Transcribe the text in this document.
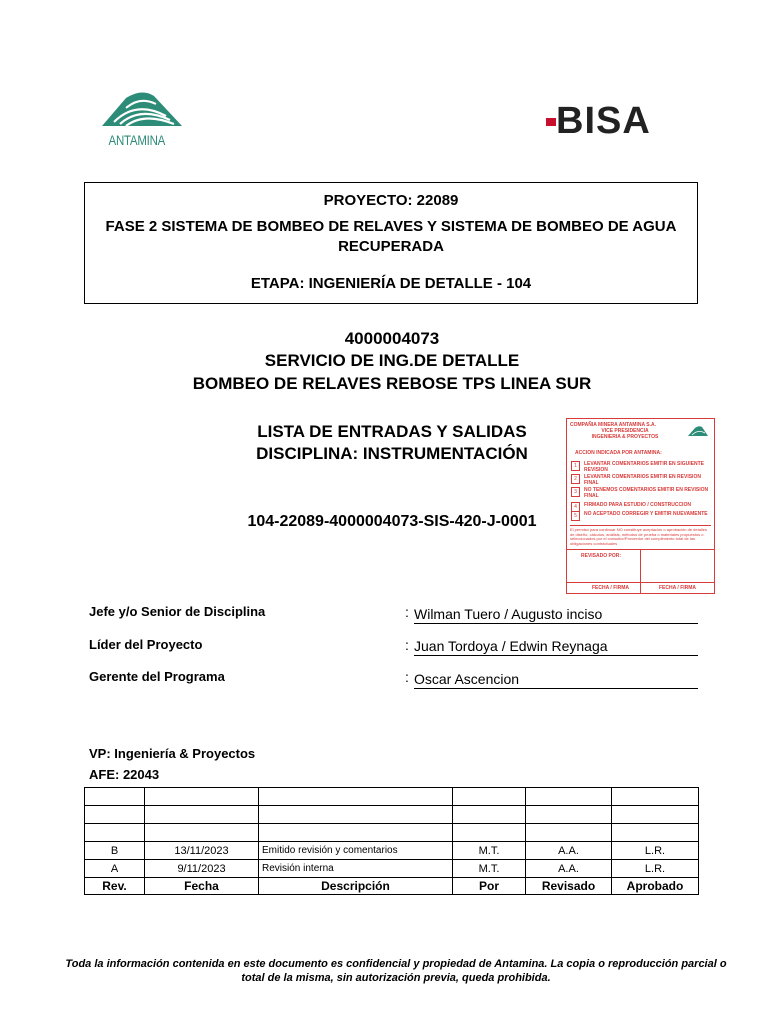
ANTAMINA	BISA
PROYECTO: 22089
FASE 2 SISTEMA DE BOMBEO DE RELAVES Y SISTEMA DE BOMBEO DE AGUA RECUPERADA
ETAPA: INGENIERÍA DE DETALLE - 104
4000004073
SERVICIO DE ING.DE DETALLE
BOMBEO DE RELAVES REBOSE TPS LINEA SUR
LISTA DE ENTRADAS Y SALIDAS
DISCIPLINA: INSTRUMENTACIÓN
104-22089-4000004073-SIS-420-J-0001
COMPAÑIA MINERA ANTAMINA S.A.
VICE PRESIDENCIA
INGENIERIA & PROYECTOS
ACCION INDICADA POR ANTAMINA:
1	LEVANTAR COMENTARIOS EMITIR EN SIGUIENTE REVISION
2	LEVANTAR COMENTARIOS EMITIR EN REVISION FINAL
3	NO TENEMOS COMENTARIOS EMITIR EN REVISION FINAL
4	FIRMADO PARA ESTUDIO / CONSTRUCCION
5	NO ACEPTADO CORREGIR Y EMITIR NUEVAMENTE
El permiso para continuar NO constituye aceptación o aprobación de detalles de diseño, cálculos, análisis, métodos de prueba o materiales propuestos o seleccionados por el consultor/Proveedor del cumplimiento total de las obligaciones contractuales
REVISADO POR:
FECHA / FIRMA	FECHA / FIRMA
Jefe y/o Senior de Disciplina	: Wilman Tuero / Augusto inciso
Líder del Proyecto	: Juan Tordoya / Edwin Reynaga
Gerente del Programa	: Oscar Ascencion
VP: Ingeniería & Proyectos
AFE: 22043

B	13/11/2023	Emitido revisión y comentarios	M.T.	A.A.	L.R.
A	9/11/2023	Revisión interna	M.T.	A.A.	L.R.
Rev.	Fecha	Descripción	Por	Revisado	Aprobado
Toda la información contenida en este documento es confidencial y propiedad de Antamina. La copia o reproducción parcial o total de la misma, sin autorización previa, queda prohibida.
